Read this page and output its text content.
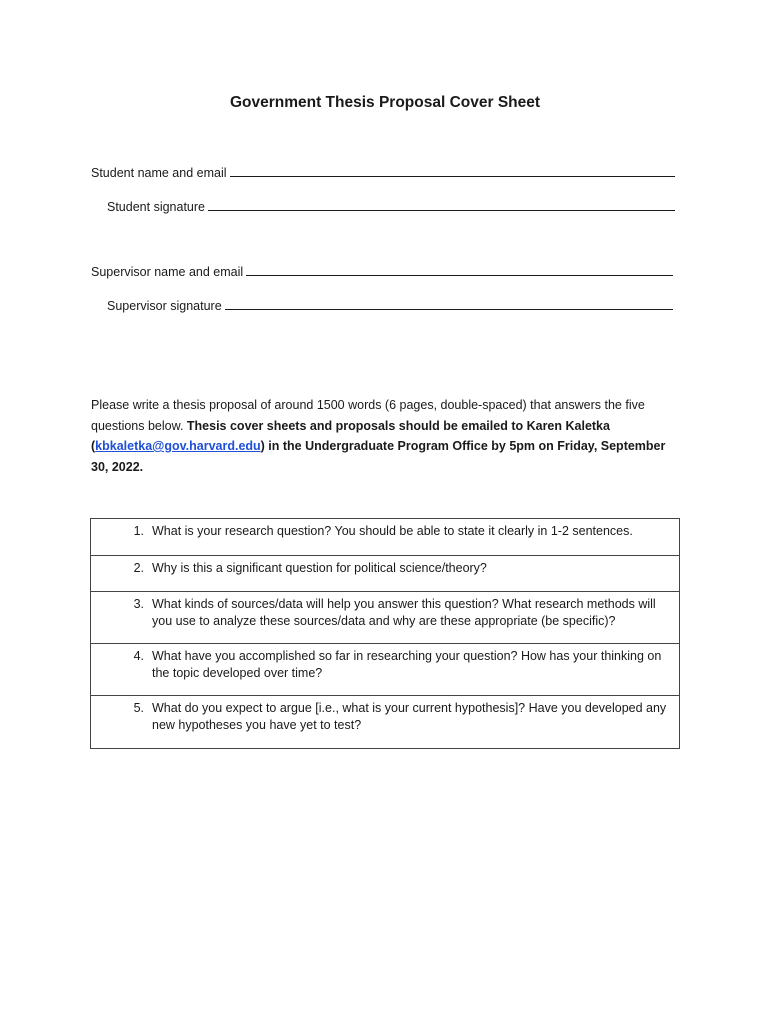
Government Thesis Proposal Cover Sheet
Student name and email
Student signature
Supervisor name and email
Supervisor signature
Please write a thesis proposal of around 1500 words (6 pages, double-spaced) that answers the five questions below. Thesis cover sheets and proposals should be emailed to Karen Kaletka (kbkaletka@gov.harvard.edu) in the Undergraduate Program Office by 5pm on Friday, September 30, 2022.
1. What is your research question? You should be able to state it clearly in 1-2 sentences.

2. Why is this a significant question for political science/theory?

3. What kinds of sources/data will help you answer this question? What research methods will you use to analyze these sources/data and why are these appropriate (be specific)?

4. What have you accomplished so far in researching your question? How has your thinking on the topic developed over time?

5. What do you expect to argue [i.e., what is your current hypothesis]? Have you developed any new hypotheses you have yet to test?
